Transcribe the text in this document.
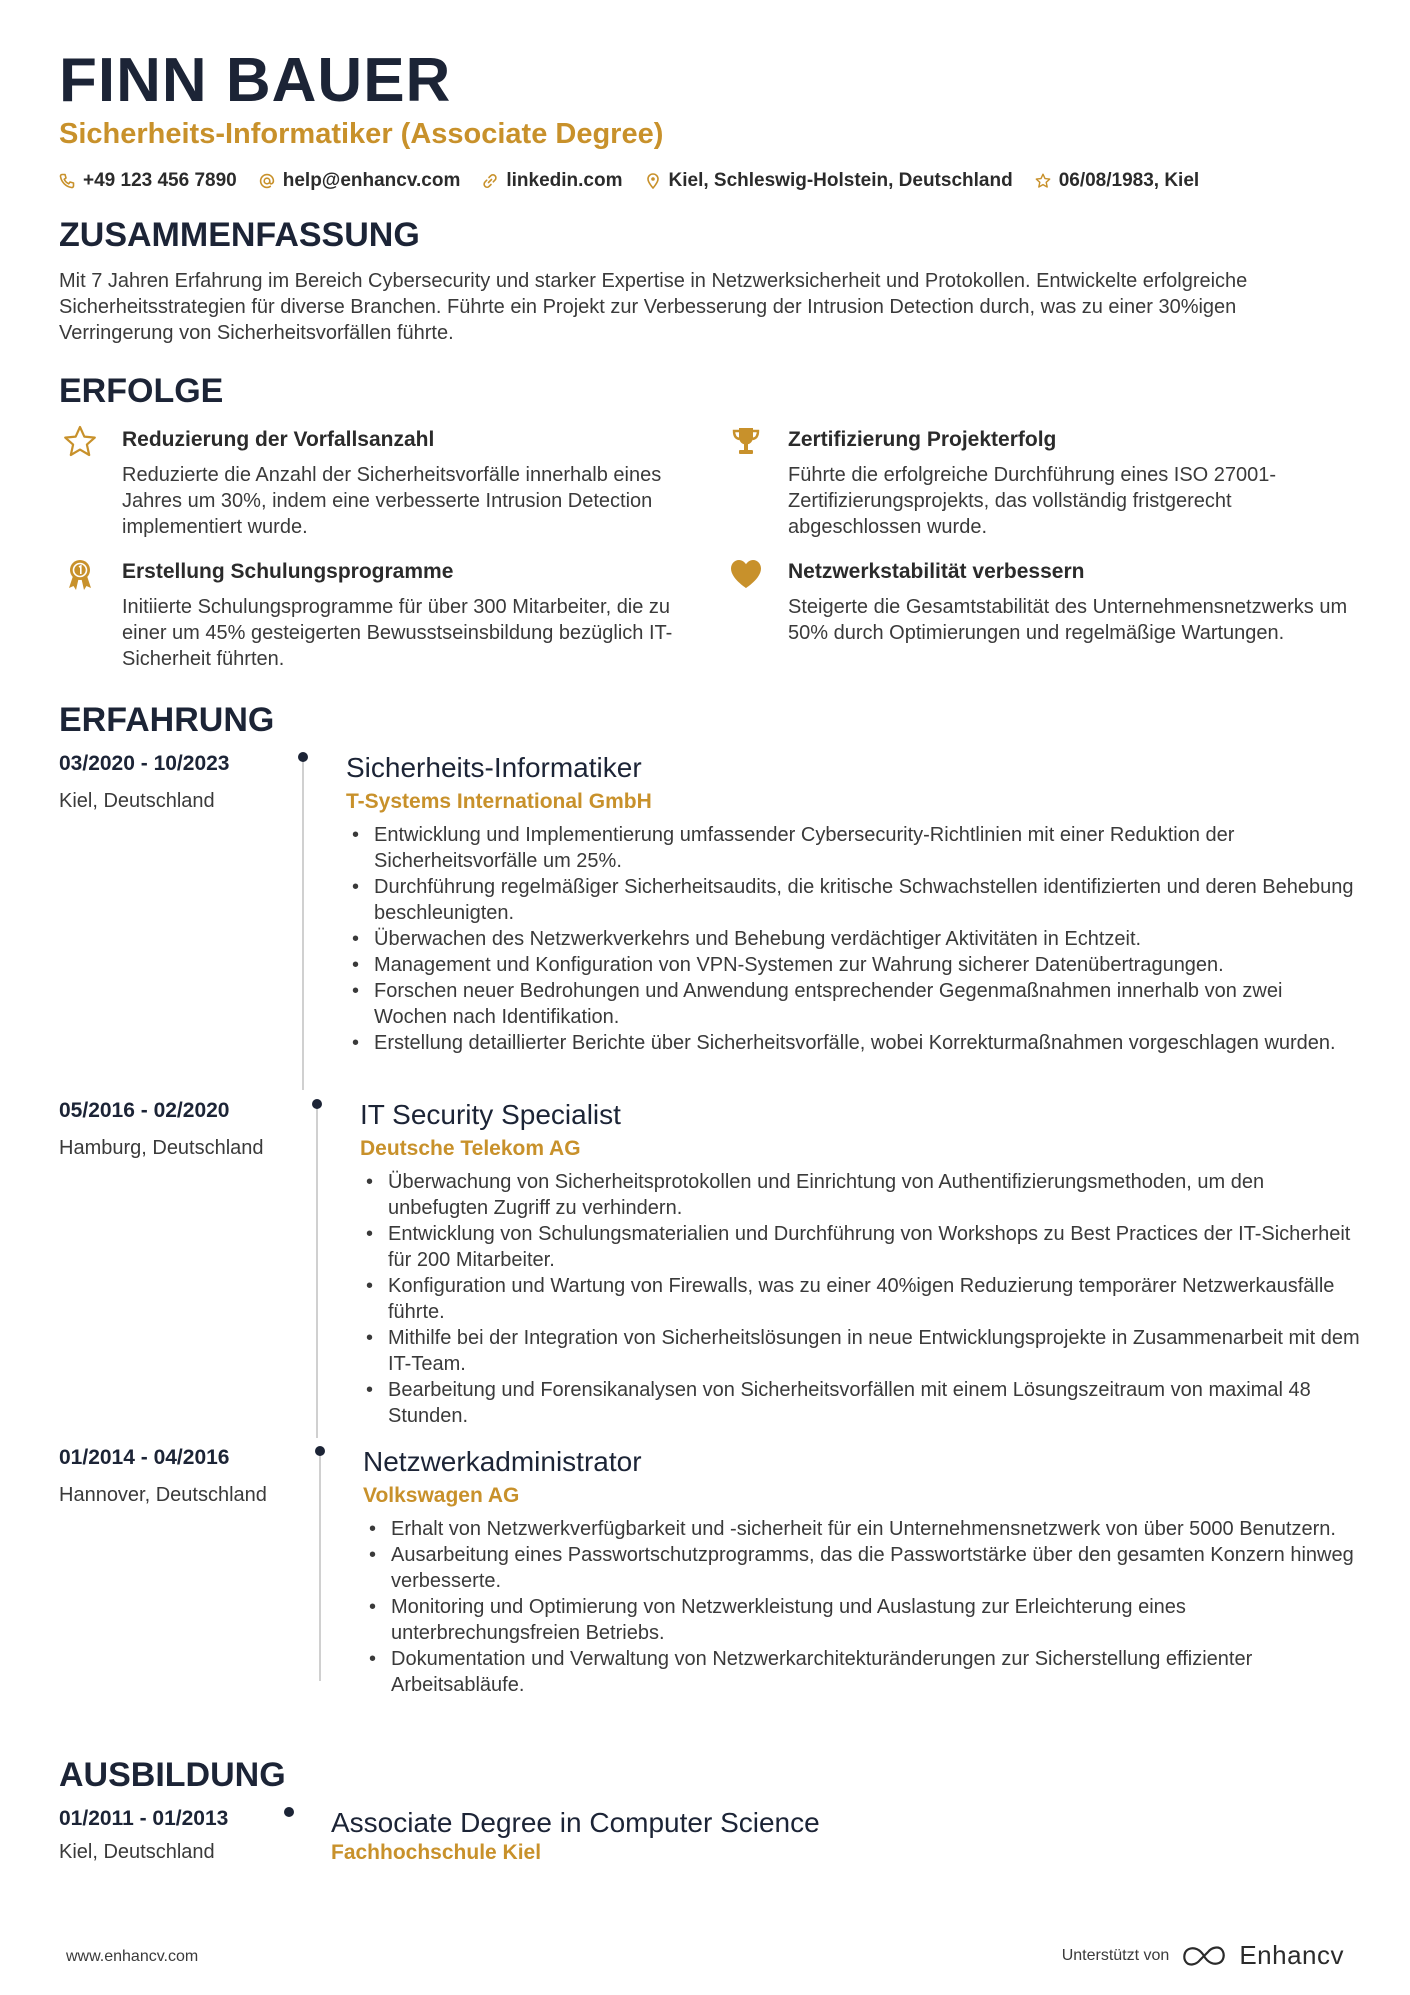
FINN BAUER
Sicherheits-Informatiker (Associate Degree)
+49 123 456 7890 help@enhancv.com linkedin.com Kiel, Schleswig-Holstein, Deutschland 06/08/1983, Kiel
ZUSAMMENFASSUNG
Mit 7 Jahren Erfahrung im Bereich Cybersecurity und starker Expertise in Netzwerksicherheit und Protokollen. Entwickelte erfolgreiche Sicherheitsstrategien für diverse Branchen. Führte ein Projekt zur Verbesserung der Intrusion Detection durch, was zu einer 30%igen Verringerung von Sicherheitsvorfällen führte.
ERFOLGE
Reduzierung der Vorfallsanzahl
Reduzierte die Anzahl der Sicherheitsvorfälle innerhalb eines Jahres um 30%, indem eine verbesserte Intrusion Detection implementiert wurde.
Zertifizierung Projekterfolg
Führte die erfolgreiche Durchführung eines ISO 27001-Zertifizierungsprojekts, das vollständig fristgerecht abgeschlossen wurde.
Erstellung Schulungsprogramme
Initiierte Schulungsprogramme für über 300 Mitarbeiter, die zu einer um 45% gesteigerten Bewusstseinsbildung bezüglich IT-Sicherheit führten.
Netzwerkstabilität verbessern
Steigerte die Gesamtstabilität des Unternehmensnetzwerks um 50% durch Optimierungen und regelmäßige Wartungen.
ERFAHRUNG
03/2020 - 10/2023
Kiel, Deutschland
Sicherheits-Informatiker
T-Systems International GmbH
• Entwicklung und Implementierung umfassender Cybersecurity-Richtlinien mit einer Reduktion der Sicherheitsvorfälle um 25%.
• Durchführung regelmäßiger Sicherheitsaudits, die kritische Schwachstellen identifizierten und deren Behebung beschleunigten.
• Überwachen des Netzwerkverkehrs und Behebung verdächtiger Aktivitäten in Echtzeit.
• Management und Konfiguration von VPN-Systemen zur Wahrung sicherer Datenübertragungen.
• Forschen neuer Bedrohungen und Anwendung entsprechender Gegenmaßnahmen innerhalb von zwei Wochen nach Identifikation.
• Erstellung detaillierter Berichte über Sicherheitsvorfälle, wobei Korrekturmaßnahmen vorgeschlagen wurden.
05/2016 - 02/2020
Hamburg, Deutschland
IT Security Specialist
Deutsche Telekom AG
• Überwachung von Sicherheitsprotokollen und Einrichtung von Authentifizierungsmethoden, um den unbefugten Zugriff zu verhindern.
• Entwicklung von Schulungsmaterialien und Durchführung von Workshops zu Best Practices der IT-Sicherheit für 200 Mitarbeiter.
• Konfiguration und Wartung von Firewalls, was zu einer 40%igen Reduzierung temporärer Netzwerkausfälle führte.
• Mithilfe bei der Integration von Sicherheitslösungen in neue Entwicklungsprojekte in Zusammenarbeit mit dem IT-Team.
• Bearbeitung und Forensikanalysen von Sicherheitsvorfällen mit einem Lösungszeitraum von maximal 48 Stunden.
01/2014 - 04/2016
Hannover, Deutschland
Netzwerkadministrator
Volkswagen AG
• Erhalt von Netzwerkverfügbarkeit und -sicherheit für ein Unternehmensnetzwerk von über 5000 Benutzern.
• Ausarbeitung eines Passwortschutzprogramms, das die Passwortstärke über den gesamten Konzern hinweg verbesserte.
• Monitoring und Optimierung von Netzwerkleistung und Auslastung zur Erleichterung eines unterbrechungsfreien Betriebs.
• Dokumentation und Verwaltung von Netzwerkarchitekturänderungen zur Sicherstellung effizienter Arbeitsabläufe.
AUSBILDUNG
01/2011 - 01/2013
Kiel, Deutschland
Associate Degree in Computer Science
Fachhochschule Kiel
www.enhancv.com	Unterstützt von	Enhancv
